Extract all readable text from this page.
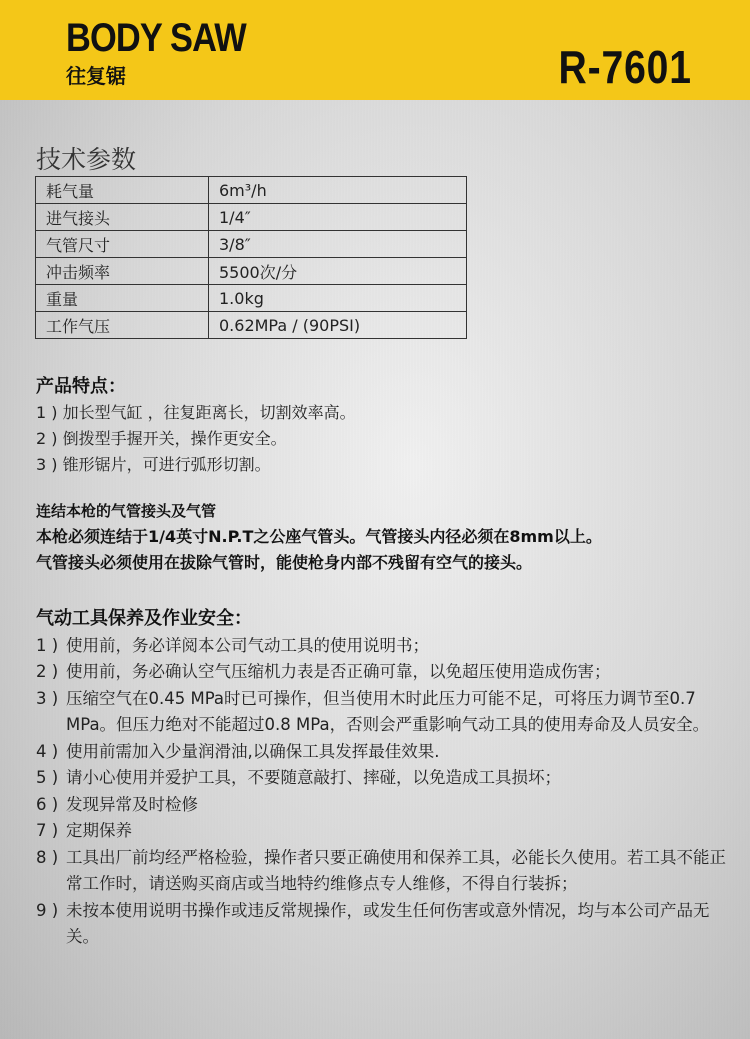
BODY SAW
往复锯	R-7601
技术参数
耗气量	6m³/h
进气接头	1/4″
气管尺寸	3/8″
冲击频率	5500次/分
重量	1.0kg
工作气压	0.62MPa / (90PSI)
产品特点：
1 ) 加长型气缸 ，往复距离长，切割效率高。
2 ) 倒拨型手握开关，操作更安全。
3 ) 锥形锯片，可进行弧形切割。
连结本枪的气管接头及气管
本枪必须连结于1/4英寸N.P.T之公座气管头。气管接头内径必须在8mm以上。
气管接头必须使用在拔除气管时，能使枪身内部不残留有空气的接头。
气动工具保养及作业安全：
1 ) 使用前，务必详阅本公司气动工具的使用说明书；
2 ) 使用前，务必确认空气压缩机力表是否正确可靠，以免超压使用造成伤害；
3 ) 压缩空气在0.45 MPa时已可操作，但当使用木时此压力可能不足，可将压力调节至0.7 MPa。但压力绝对不能超过0.8 MPa，否则会严重影响气动工具的使用寿命及人员安全。
4 ) 使用前需加入少量润滑油,以确保工具发挥最佳效果.
5 ) 请小心使用并爱护工具，不要随意敲打、摔碰，以免造成工具损坏；
6 ) 发现异常及时检修
7 ) 定期保养
8 ) 工具出厂前均经严格检验，操作者只要正确使用和保养工具，必能长久使用。若工具不能正常工作时，请送购买商店或当地特约维修点专人维修，不得自行装拆；
9 ) 未按本使用说明书操作或违反常规操作，或发生任何伤害或意外情况，均与本公司产品无关。
